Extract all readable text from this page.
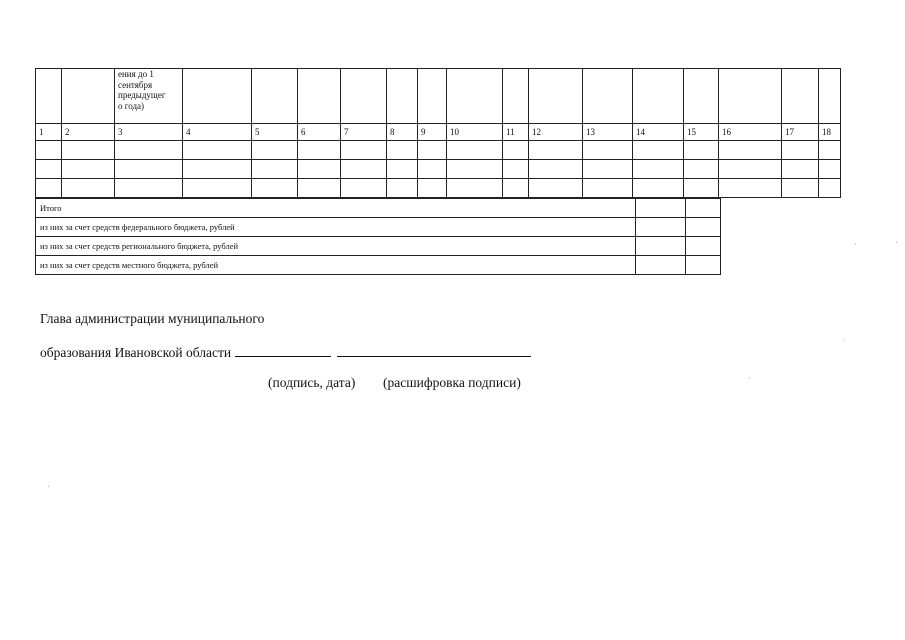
		ения до 1
сентября
предыдущег
о года)															
1	2	3	4	5	6	7	8	9	10	11	12	13	14	15	16	17	18

Итого		
из них за счет средств федерального бюджета, рублей		
из них за счет средств регионального бюджета, рублей		
из них за счет средств местного бюджета, рублей		
Глава администрации муниципального
образования Ивановской области
(подпись, дата) (расшифровка подписи)
·
·
·	'
'
